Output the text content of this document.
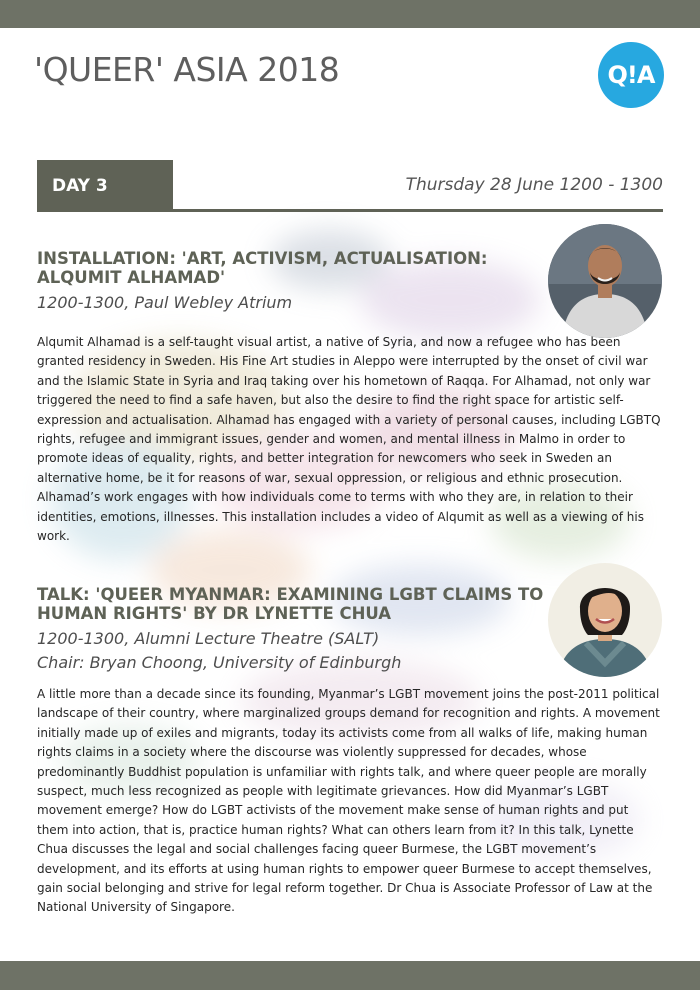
'QUEER' ASIA 2018	Q!A
DAY 3	Thursday 28 June 1200 - 1300
INSTALLATION: 'ART, ACTIVISM, ACTUALISATION: ALQUMIT ALHAMAD'
1200-1300, Paul Webley Atrium

Alqumit Alhamad is a self-taught visual artist, a native of Syria, and now a refugee who has been granted residency in Sweden. His Fine Art studies in Aleppo were interrupted by the onset of civil war and the Islamic State in Syria and Iraq taking over his hometown of Raqqa. For Alhamad, not only war triggered the need to find a safe haven, but also the desire to find the right space for artistic self-expression and actualisation. Alhamad has engaged with a variety of personal causes, including LGBTQ rights, refugee and immigrant issues, gender and women, and mental illness in Malmo in order to promote ideas of equality, rights, and better integration for newcomers who seek in Sweden an alternative home, be it for reasons of war, sexual oppression, or religious and ethnic prosecution. Alhamad’s work engages with how individuals come to terms with who they are, in relation to their identities, emotions, illnesses. This installation includes a video of Alqumit as well as a viewing of his work.

TALK: 'QUEER MYANMAR: EXAMINING LGBT CLAIMS TO HUMAN RIGHTS' BY DR LYNETTE CHUA
1200-1300, Alumni Lecture Theatre (SALT)
Chair: Bryan Choong, University of Edinburgh

A little more than a decade since its founding, Myanmar’s LGBT movement joins the post-2011 political landscape of their country, where marginalized groups demand for recognition and rights. A movement initially made up of exiles and migrants, today its activists come from all walks of life, making human rights claims in a society where the discourse was violently suppressed for decades, whose predominantly Buddhist population is unfamiliar with rights talk, and where queer people are morally suspect, much less recognized as people with legitimate grievances. How did Myanmar’s LGBT movement emerge? How do LGBT activists of the movement make sense of human rights and put them into action, that is, practice human rights? What can others learn from it? In this talk, Lynette Chua discusses the legal and social challenges facing queer Burmese, the LGBT movement’s development, and its efforts at using human rights to empower queer Burmese to accept themselves, gain social belonging and strive for legal reform together. Dr Chua is Associate Professor of Law at the National University of Singapore.
